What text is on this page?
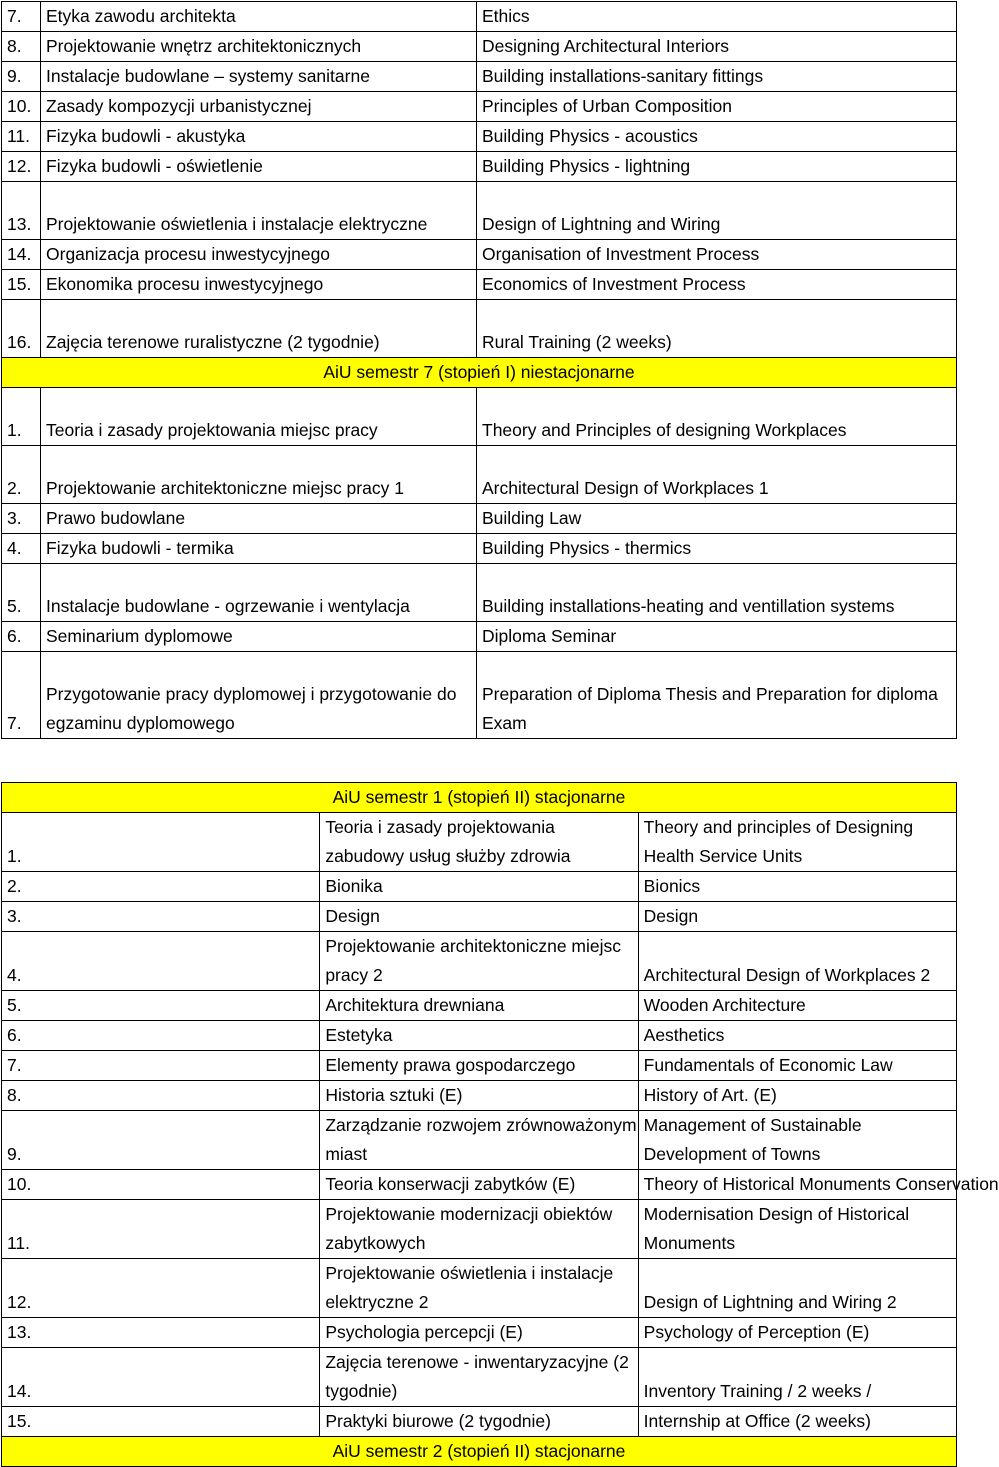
7.	Etyka zawodu architekta	Ethics
8.	Projektowanie wnętrz architektonicznych	Designing Architectural Interiors
9.	Instalacje budowlane – systemy sanitarne	Building installations-sanitary fittings
10.	Zasady kompozycji urbanistycznej	Principles of Urban Composition
11.	Fizyka budowli - akustyka	Building Physics - acoustics
12.	Fizyka budowli - oświetlenie	Building Physics - lightning
13.	Projektowanie oświetlenia i instalacje elektryczne	Design of Lightning and Wiring
14.	Organizacja procesu inwestycyjnego	Organisation of Investment Process
15.	Ekonomika procesu inwestycyjnego	Economics of Investment Process
16.	Zajęcia terenowe ruralistyczne (2 tygodnie)	Rural Training (2 weeks)
AiU semestr 7 (stopień I) niestacjonarne		
1.	Teoria i zasady projektowania miejsc pracy	Theory and Principles of designing Workplaces
2.	Projektowanie architektoniczne miejsc pracy 1	Architectural Design of Workplaces 1
3.	Prawo budowlane	Building Law
4.	Fizyka budowli - termika	Building Physics - thermics
5.	Instalacje budowlane - ogrzewanie i wentylacja	Building installations-heating and ventillation systems
6.	Seminarium dyplomowe	Diploma Seminar
7.	Przygotowanie pracy dyplomowej i przygotowanie do egzaminu dyplomowego	Preparation of Diploma Thesis and Preparation for diploma Exam
AiU semestr 1 (stopień II) stacjonarne		
1.	Teoria i zasady projektowania zabudowy usług służby zdrowia	Theory and principles of Designing Health Service Units
2.	Bionika	Bionics
3.	Design	Design
4.	Projektowanie architektoniczne miejsc pracy 2	Architectural Design of Workplaces 2
5.	Architektura drewniana	Wooden Architecture
6.	Estetyka	Aesthetics
7.	Elementy prawa gospodarczego	Fundamentals of Economic Law
8.	Historia sztuki (E)	History of Art. (E)
9.	Zarządzanie rozwojem zrównoważonym miast	Management of Sustainable Development of Towns
10.	Teoria konserwacji zabytków (E)	Theory of Historical Monuments Conservation
11.	Projektowanie modernizacji obiektów zabytkowych	Modernisation Design of Historical Monuments
12.	Projektowanie oświetlenia i instalacje elektryczne 2	Design of Lightning and Wiring 2
13.	Psychologia percepcji (E)	Psychology of Perception (E)
14.	Zajęcia terenowe - inwentaryzacyjne (2 tygodnie)	Inventory Training / 2 weeks /
15.	Praktyki biurowe (2 tygodnie)	Internship at Office (2 weeks)
AiU semestr 2 (stopień II) stacjonarne		
